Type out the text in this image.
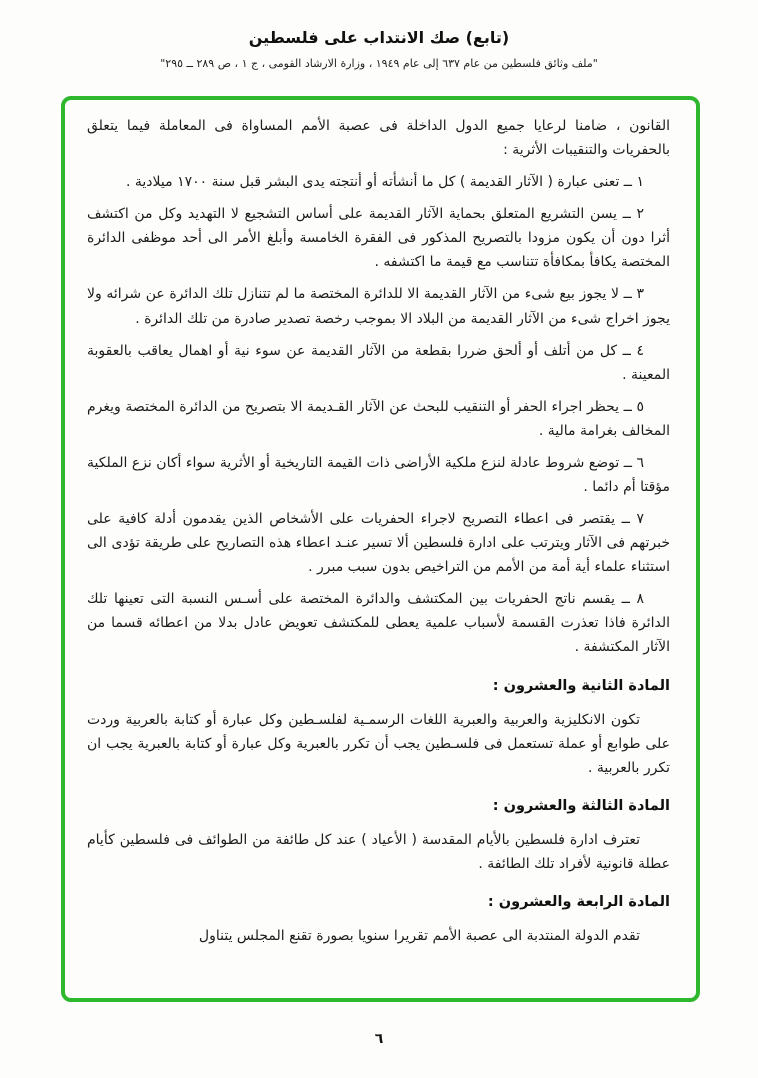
(تابع) صك الانتداب على فلسطين
"ملف وثائق فلسطين من عام ٦٣٧ إلى عام ١٩٤٩ ، وزارة الارشاد القومى ، ج ١ ، ص ٢٨٩ ــ ٢٩٥"

القانون ، ضامنا لرعايا جميع الدول الداخلة فى عصبة الأمم المساواة فى المعاملة فيما يتعلق بالحفريات والتنقيبات الأثرية :

١ ــ تعنى عبارة ( الآثار القديمة ) كل ما أنشأته أو أنتجته يدى البشر قبل سنة ١٧٠٠ ميلادية .

٢ ــ يسن التشريع المتعلق بحماية الآثار القديمة على أساس التشجيع لا التهديد وكل من اكتشف أثرا دون أن يكون مزودا بالتصريح المذكور فى الفقرة الخامسة وأبلغ الأمر الى أحد موظفى الدائرة المختصة يكافأ بمكافأة تتناسب مع قيمة ما اكتشفه .

٣ ــ لا يجوز بيع شىء من الآثار القديمة الا للدائرة المختصة ما لم تتنازل تلك الدائرة عن شرائه ولا يجوز اخراج شىء من الآثار القديمة من البلاد الا بموجب رخصة تصدير صادرة من تلك الدائرة .

٤ ــ كل من أتلف أو ألحق ضررا بقطعة من الآثار القديمة عن سوء نية أو اهمال يعاقب بالعقوبة المعينة .

٥ ــ يحظر اجراء الحفر أو التنقيب للبحث عن الآثار القـديمة الا بتصريح من الدائرة المختصة ويغرم المخالف بغرامة مالية .

٦ ــ توضع شروط عادلة لنزع ملكية الأراضى ذات القيمة التاريخية أو الأثرية سواء أكان نزع الملكية مؤقتا أم دائما .

٧ ــ يقتصر فى اعطاء التصريح لاجراء الحفريات على الأشخاص الذين يقدمون أدلة كافية على خبرتهم فى الآثار ويترتب على ادارة فلسطين ألا تسير عنـد اعطاء هذه التصاريح على طريقة تؤدى الى استثناء علماء أية أمة من الأمم من التراخيص بدون سبب مبرر .

٨ ــ يقسم ناتج الحفريات بين المكتشف والدائرة المختصة على أسـس النسبة التى تعينها تلك الدائرة فاذا تعذرت القسمة لأسباب علمية يعطى للمكتشف تعويض عادل بدلا من اعطائه قسما من الآثار المكتشفة .

المادة الثانية والعشرون :

تكون الانكليزية والعربية والعبرية اللغات الرسمـية لفلسـطين وكل عبارة أو كتابة بالعربية وردت على طوابع أو عملة تستعمل فى فلسـطين يجب أن تكرر بالعبرية وكل عبارة أو كتابة بالعبرية يجب ان تكرر بالعربية .

المادة الثالثة والعشرون :

تعترف ادارة فلسطين بالأيام المقدسة ( الأعياد ) عند كل طائفة من الطوائف فى فلسطين كأيام عطلة قانونية لأفراد تلك الطائفة .

المادة الرابعة والعشرون :

تقدم الدولة المنتدبة الى عصبة الأمم تقريرا سنويا بصورة تقنع المجلس يتناول

٦
